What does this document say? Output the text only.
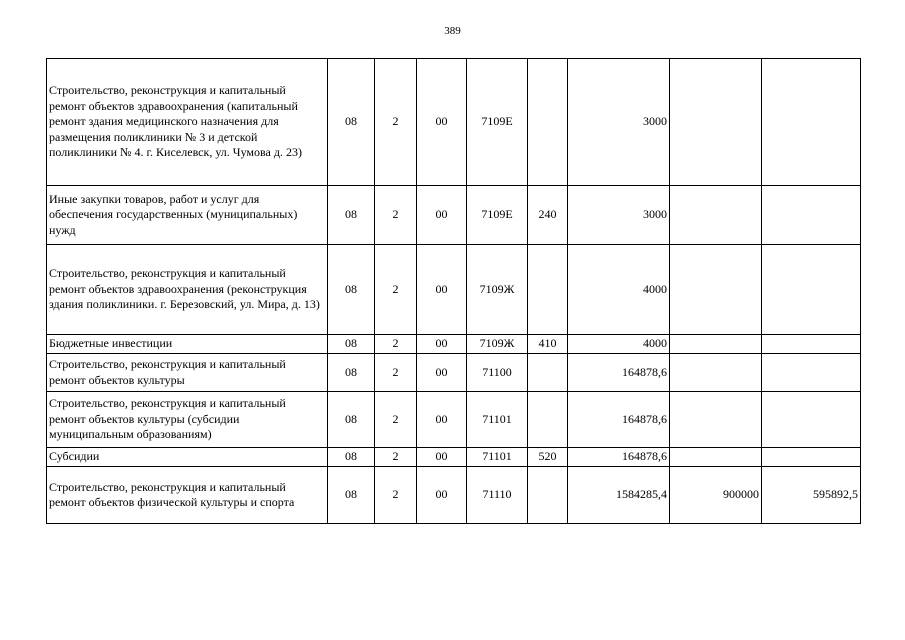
389
Строительство, реконструкция и капитальный ремонт объектов здравоохранения (капитальный ремонт здания медицинского назначения для размещения поликлиники № 3 и детской поликлиники № 4. г. Киселевск, ул. Чумова д. 23)	08	2	00	7109Е		3000		
Иные закупки товаров, работ и услуг для обеспечения государственных (муниципальных) нужд	08	2	00	7109Е	240	3000		
Строительство, реконструкция и капитальный ремонт объектов здравоохранения (реконструкция здания поликлиники. г. Березовский, ул. Мира, д. 13)	08	2	00	7109Ж		4000		
Бюджетные инвестиции	08	2	00	7109Ж	410	4000		
Строительство, реконструкция и капитальный ремонт объектов культуры	08	2	00	71100		164878,6		
Строительство, реконструкция и капитальный ремонт объектов культуры (субсидии муниципальным образованиям)	08	2	00	71101		164878,6		
Субсидии	08	2	00	71101	520	164878,6		
Строительство, реконструкция и капитальный ремонт объектов физической культуры и спорта	08	2	00	71110		1584285,4	900000	595892,5
